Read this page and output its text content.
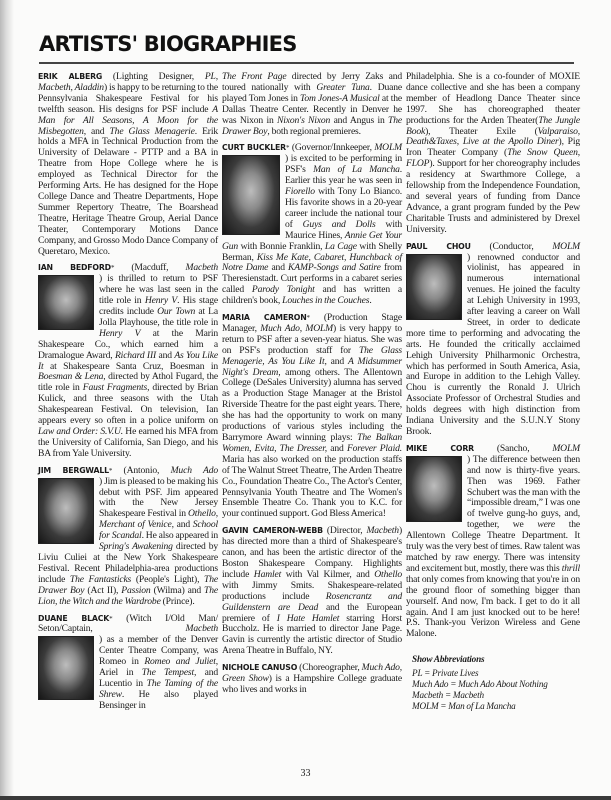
ARTISTS' BIOGRAPHIES

ERIK ALBERG (Lighting Designer, PL, Macbeth, Aladdin) is happy to be returning to the Pennsylvania Shakespeare Festival for his twelfth season. His designs for PSF include A Man for All Seasons, A Moon for the Misbegotten, and The Glass Menagerie. Erik holds a MFA in Technical Production from the University of Delaware - PTTP and a BA in Theatre from Hope College where he is employed as Technical Director for the Performing Arts. He has designed for the Hope College Dance and Theatre Departments, Hope Summer Repertory Theatre, The Boarshead Theatre, Heritage Theatre Group, Aerial Dance Theater, Contemporary Motions Dance Company, and Grosso Modo Dance Company of Queretaro, Mexico.

IAN BEDFORD* (Macduff, Macbeth
) is thrilled to return to PSF where he was last seen in the title role in Henry V. His stage credits include Our Town at La Jolla Playhouse, the title role in Henry V at the Marin Shakespeare Co., which earned him a Dramalogue Award, Richard III and As You Like It at Shakespeare Santa Cruz, Boesman in Boesman & Lena, directed by Athol Fugard, the title role in Faust Fragments, directed by Brian Kulick, and three seasons with the Utah Shakespearean Festival. On television, Ian appears every so often in a police uniform on Law and Order: S.V.U. He earned his MFA from the University of California, San Diego, and his BA from Yale University.

JIM BERGWALL* (Antonio, Much Ado
) Jim is pleased to be making his debut with PSF. Jim appeared with the New Jersey Shakespeare Festival in Othello, Merchant of Venice, and School for Scandal. He also appeared in Spring's Awakening directed by Liviu Culiei at the New York Shakespeare Festival. Recent Philadelphia-area productions include The Fantasticks (People's Light), The Drawer Boy (Act II), Passion (Wilma) and The Lion, the Witch and the Wardrobe (Prince).

DUANE BLACK* (Witch I/Old Man/ Seton/Captain, Macbeth
) as a member of the Denver Center Theatre Company, was Romeo in Romeo and Juliet, Ariel in The Tempest, and Lucentio in The Taming of the Shrew. He also played Bensinger in

The Front Page directed by Jerry Zaks and toured nationally with Greater Tuna. Duane played Tom Jones in Tom Jones-A Musical at the Dallas Theatre Center. Recently in Denver he was Nixon in Nixon's Nixon and Angus in The Drawer Boy, both regional premieres.

CURT BUCKLER* (Governor/Innkeeper, MOLM
) is excited to be performing in PSF's Man of La Mancha. Earlier this year he was seen in Fiorello with Tony Lo Bianco. His favorite shows in a 20-year career include the national tour of Guys and Dolls with Maurice Hines, Annie Get Your Gun with Bonnie Franklin, La Cage with Shelly Berman, Kiss Me Kate, Cabaret, Hunchback of Notre Dame and KAMP-Songs and Satire from Theresienstadt. Curt performs in a cabaret series called Parody Tonight and has written a children's book, Louches in the Couches.

MARIA CAMERON* (Production Stage Manager, Much Ado, MOLM) is very happy to return to PSF after a seven-year hiatus. She was on PSF's production staff for The Glass Menagerie, As You Like It, and A Midsummer Night's Dream, among others. The Allentown College (DeSales University) alumna has served as a Production Stage Manager at the Bristol Riverside Theatre for the past eight years. There, she has had the opportunity to work on many productions of various styles including the Barrymore Award winning plays: The Balkan Women, Evita, The Dresser, and Forever Plaid. Maria has also worked on the production staffs of The Walnut Street Theatre, The Arden Theatre Co., Foundation Theatre Co., The Actor's Center, Pennsylvania Youth Theatre and The Women's Ensemble Theatre Co. Thank you to K.C. for your continued support. God Bless America!

GAVIN CAMERON-WEBB (Director, Macbeth) has directed more than a third of Shakespeare's canon, and has been the artistic director of the Boston Shakespeare Company. Highlights include Hamlet with Val Kilmer, and Othello with Jimmy Smits. Shakespeare-related productions include Rosencrantz and Guildenstern are Dead and the European premiere of I Hate Hamlet starring Horst Buccholz. He is married to director Jane Page. Gavin is currently the artistic director of Studio Arena Theatre in Buffalo, NY.

NICHOLE CANUSO (Choreographer, Much Ado, Green Show) is a Hampshire College graduate who lives and works in

Philadelphia. She is a co-founder of MOXIE dance collective and she has been a company member of Headlong Dance Theater since 1997. She has choreographed theater productions for the Arden Theater(The Jungle Book), Theater Exile (Valparaiso, Death&Taxes, Live at the Apollo Diner), Pig Iron Theater Company (The Snow Queen, FLOP). Support for her choreography includes a residency at Swarthmore College, a fellowship from the Independence Foundation, and several years of funding from Dance Advance, a grant program funded by the Pew Charitable Trusts and administered by Drexel University.

PAUL CHOU (Conductor, MOLM
) renowned conductor and violinist, has appeared in numerous international venues. He joined the faculty at Lehigh University in 1993, after leaving a career on Wall Street, in order to dedicate more time to performing and advocating the arts. He founded the critically acclaimed Lehigh University Philharmonic Orchestra, which has performed in South America, Asia, and Europe in addition to the Lehigh Valley. Chou is currently the Ronald J. Ulrich Associate Professor of Orchestral Studies and holds degrees with high distinction from Indiana University and the S.U.N.Y Stony Brook.

MIKE CORR (Sancho, MOLM
) The difference between then and now is thirty-five years. Then was 1969. Father Schubert was the man with the “impossible dream,” I was one of twelve gung-ho guys, and, together, we were the Allentown College Theatre Department. It truly was the very best of times. Raw talent was matched by raw energy. There was intensity and excitement but, mostly, there was this thrill that only comes from knowing that you're in on the ground floor of something bigger than yourself. And now, I'm back. I get to do it all again. And I am just knocked out to be here! P.S. Thank-you Verizon Wireless and Gene Malone.

Show Abbreviations
PL = Private Lives
Much Ado = Much Ado About Nothing
Macbeth = Macbeth
MOLM = Man of La Mancha
33
